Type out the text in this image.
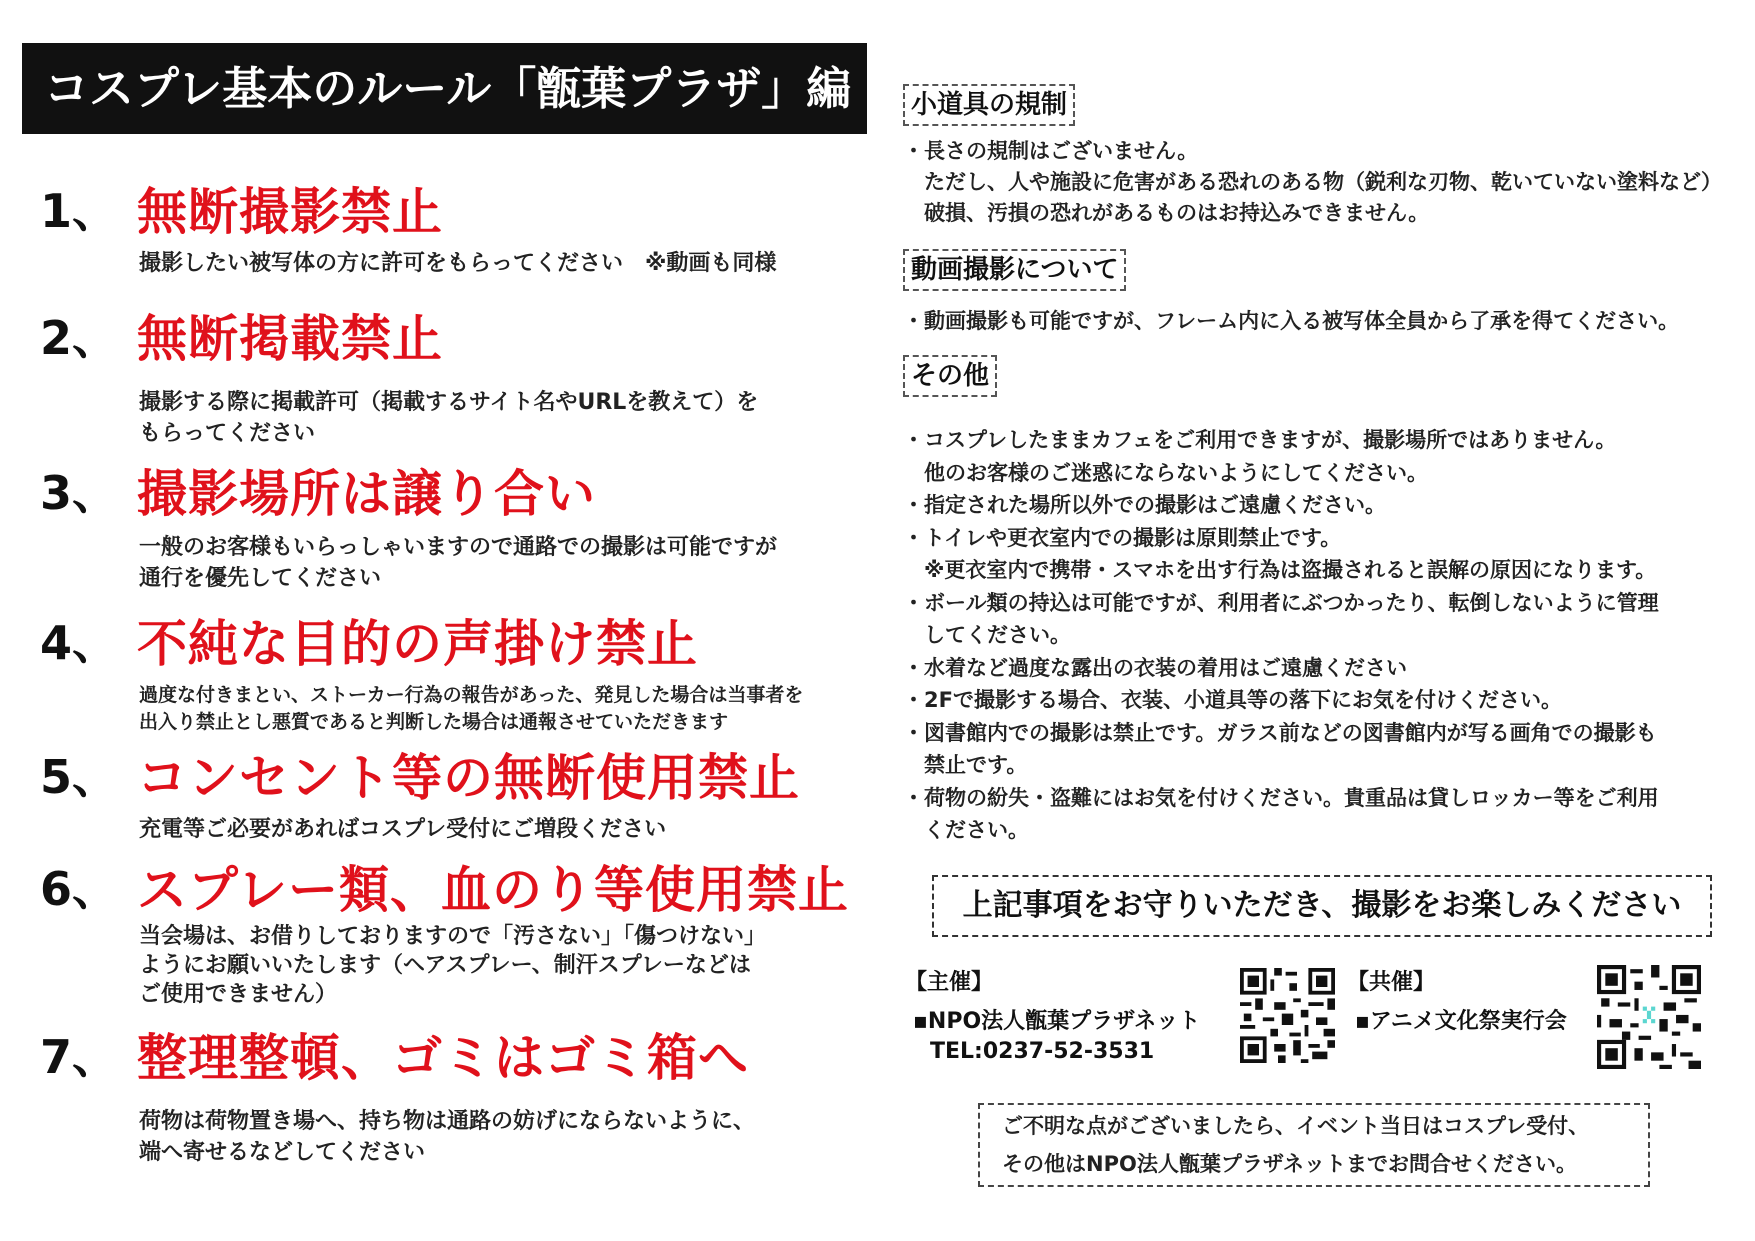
コスプレ基本のルール「甑葉プラザ」編
1、 無断撮影禁止
撮影したい被写体の方に許可をもらってください　※動画も同様
2、 無断掲載禁止
撮影する際に掲載許可（掲載するサイト名やURLを教えて）を
もらってください
3、 撮影場所は譲り合い
一般のお客様もいらっしゃいますので通路での撮影は可能ですが
通行を優先してください
4、 不純な目的の声掛け禁止
過度な付きまとい、ストーカー行為の報告があった、発見した場合は当事者を
出入り禁止とし悪質であると判断した場合は通報させていただきます
5、 コンセント等の無断使用禁止
充電等ご必要があればコスプレ受付にご増段ください
6、 スプレー類、血のり等使用禁止
当会場は、お借りしておりますので「汚さない」「傷つけない」
ようにお願いいたします（ヘアスプレー、制汗スプレーなどは
ご使用できません）
7、 整理整頓、ゴミはゴミ箱へ
荷物は荷物置き場へ、持ち物は通路の妨げにならないように、
端へ寄せるなどしてください
小道具の規制

・長さの規制はございません。
　ただし、人や施設に危害がある恐れのある物（鋭利な刃物、乾いていない塗料など）
　破損、汚損の恐れがあるものはお持込みできません。

動画撮影について

・動画撮影も可能ですが、フレーム内に入る被写体全員から了承を得てください。

その他

・コスプレしたままカフェをご利用できますが、撮影場所ではありません。
　他のお客様のご迷惑にならないようにしてください。

・指定された場所以外での撮影はご遠慮ください。

・トイレや更衣室内での撮影は原則禁止です。
　※更衣室内で携帯・スマホを出す行為は盗撮されると誤解の原因になります。

・ボール類の持込は可能ですが、利用者にぶつかったり、転倒しないように管理
　してください。

・水着など過度な露出の衣装の着用はご遠慮ください

・2Fで撮影する場合、衣装、小道具等の落下にお気を付けください。

・図書館内での撮影は禁止です。ガラス前などの図書館内が写る画角での撮影も
　禁止です。

・荷物の紛失・盗難にはお気を付けください。貴重品は貸しロッカー等をご利用
　ください。

上記事項をお守りいただき、撮影をお楽しみください
【主催】
▪NPO法人甑葉プラザネット
TEL:0237-52-3531
【共催】
▪アニメ文化祭実行会
ご不明な点がございましたら、イベント当日はコスプレ受付、
その他はNPO法人甑葉プラザネットまでお問合せください。
